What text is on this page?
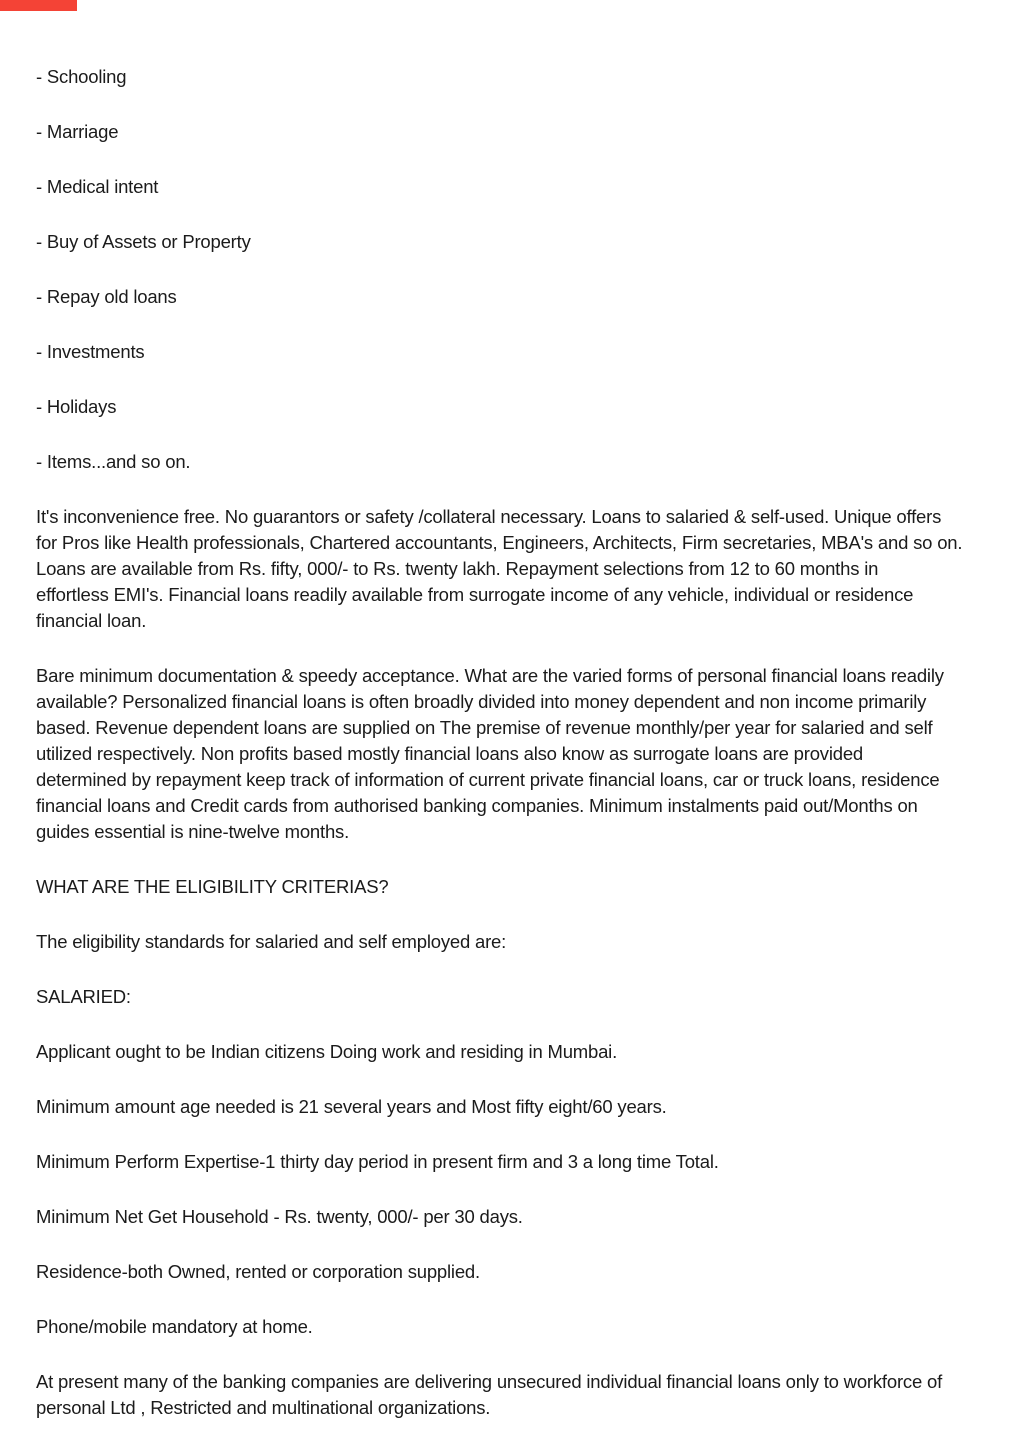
- Schooling
- Marriage
- Medical intent
- Buy of Assets or Property
- Repay old loans
- Investments
- Holidays
- Items...and so on.
It's inconvenience free. No guarantors or safety /collateral necessary. Loans to salaried & self-used. Unique offers
for Pros like Health professionals, Chartered accountants, Engineers, Architects, Firm secretaries, MBA's and so on.
Loans are available from Rs. fifty, 000/- to Rs. twenty lakh. Repayment selections from 12 to 60 months in
effortless EMI's. Financial loans readily available from surrogate income of any vehicle, individual or residence
financial loan.
Bare minimum documentation & speedy acceptance. What are the varied forms of personal financial loans readily
available? Personalized financial loans is often broadly divided into money dependent and non income primarily
based. Revenue dependent loans are supplied on The premise of revenue monthly/per year for salaried and self
utilized respectively. Non profits based mostly financial loans also know as surrogate loans are provided
determined by repayment keep track of information of current private financial loans, car or truck loans, residence
financial loans and Credit cards from authorised banking companies. Minimum instalments paid out/Months on
guides essential is nine-twelve months.
WHAT ARE THE ELIGIBILITY CRITERIAS?
The eligibility standards for salaried and self employed are:
SALARIED:
Applicant ought to be Indian citizens Doing work and residing in Mumbai.
Minimum amount age needed is 21 several years and Most fifty eight/60 years.
Minimum Perform Expertise-1 thirty day period in present firm and 3 a long time Total.
Minimum Net Get Household - Rs. twenty, 000/- per 30 days.
Residence-both Owned, rented or corporation supplied.
Phone/mobile mandatory at home.
At present many of the banking companies are delivering unsecured individual financial loans only to workforce of
personal Ltd , Restricted and multinational organizations.
